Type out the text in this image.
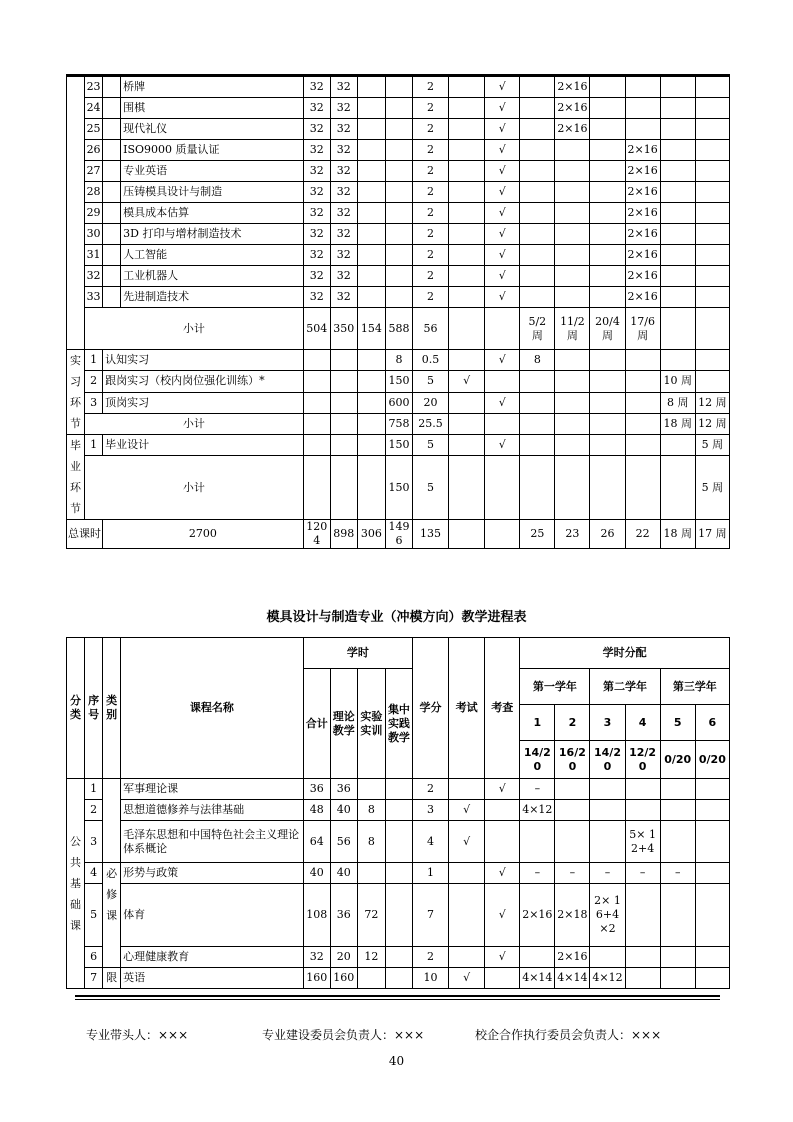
	23		桥牌	32	32			2		√		2×16				
	24		围棋	32	32			2		√		2×16				
	25		现代礼仪	32	32			2		√		2×16				
	26		ISO9000 质量认证	32	32			2		√				2×16		
	27		专业英语	32	32			2		√				2×16		
	28		压铸模具设计与制造	32	32			2		√				2×16		
	29		模具成本估算	32	32			2		√				2×16		
	30		3D 打印与增材制造技术	32	32			2		√				2×16		
	31		人工智能	32	32			2		√				2×16		
	32		工业机器人	32	32			2		√				2×16		
	33		先进制造技术	32	32			2		√				2×16		
	小计			504	350	154	588	56			5/2 周	11/2 周	20/4 周	17/6 周		
实习环节	1	认知实习					8	0.5		√	8					
	2	跟岗实习（校内岗位强化训练）*					150	5	√						10 周	
	3	顶岗实习					600	20		√					8 周	12 周
	小计						758	25.5							18 周	12 周
毕业环节	1	毕业设计					150	5		√						5 周
	小计						150	5								5 周
总课时		2700		1204	898	306	1496	135			25	23	26	22	18 周	17 周
模具设计与制造专业（冲模方向）教学进程表
分类	序号	类别	课程名称	学时				学分	考试	考查	学时分配					
				合计	理论教学	实验实训	集中实践教学				第一学年		第二学年		第三学年	
											1	2	3	4	5	6
											14/20	16/20	14/20	12/20	0/20	0/20
公共基础课	1		军事理论课	36	36			2		√	–					
	2		思想道德修养与法律基础	48	40	8		3	√		4×12					
	3		毛泽东思想和中国特色社会主义理论体系概论	64	56	8		4	√					5× 12+4		
	4	必修课	形势与政策	40	40			1		√	–	–	–	–	–	
	5		体育	108	36	72		7		√	2×16	2×18	2× 16+4 ×2			
	6		心理健康教育	32	20	12		2		√		2×16				
	7	限	英语	160	160			10	√		4×14	4×14	4×12			
专业带头人：×××	专业建设委员会负责人：×××	校企合作执行委员会负责人：×××
40
